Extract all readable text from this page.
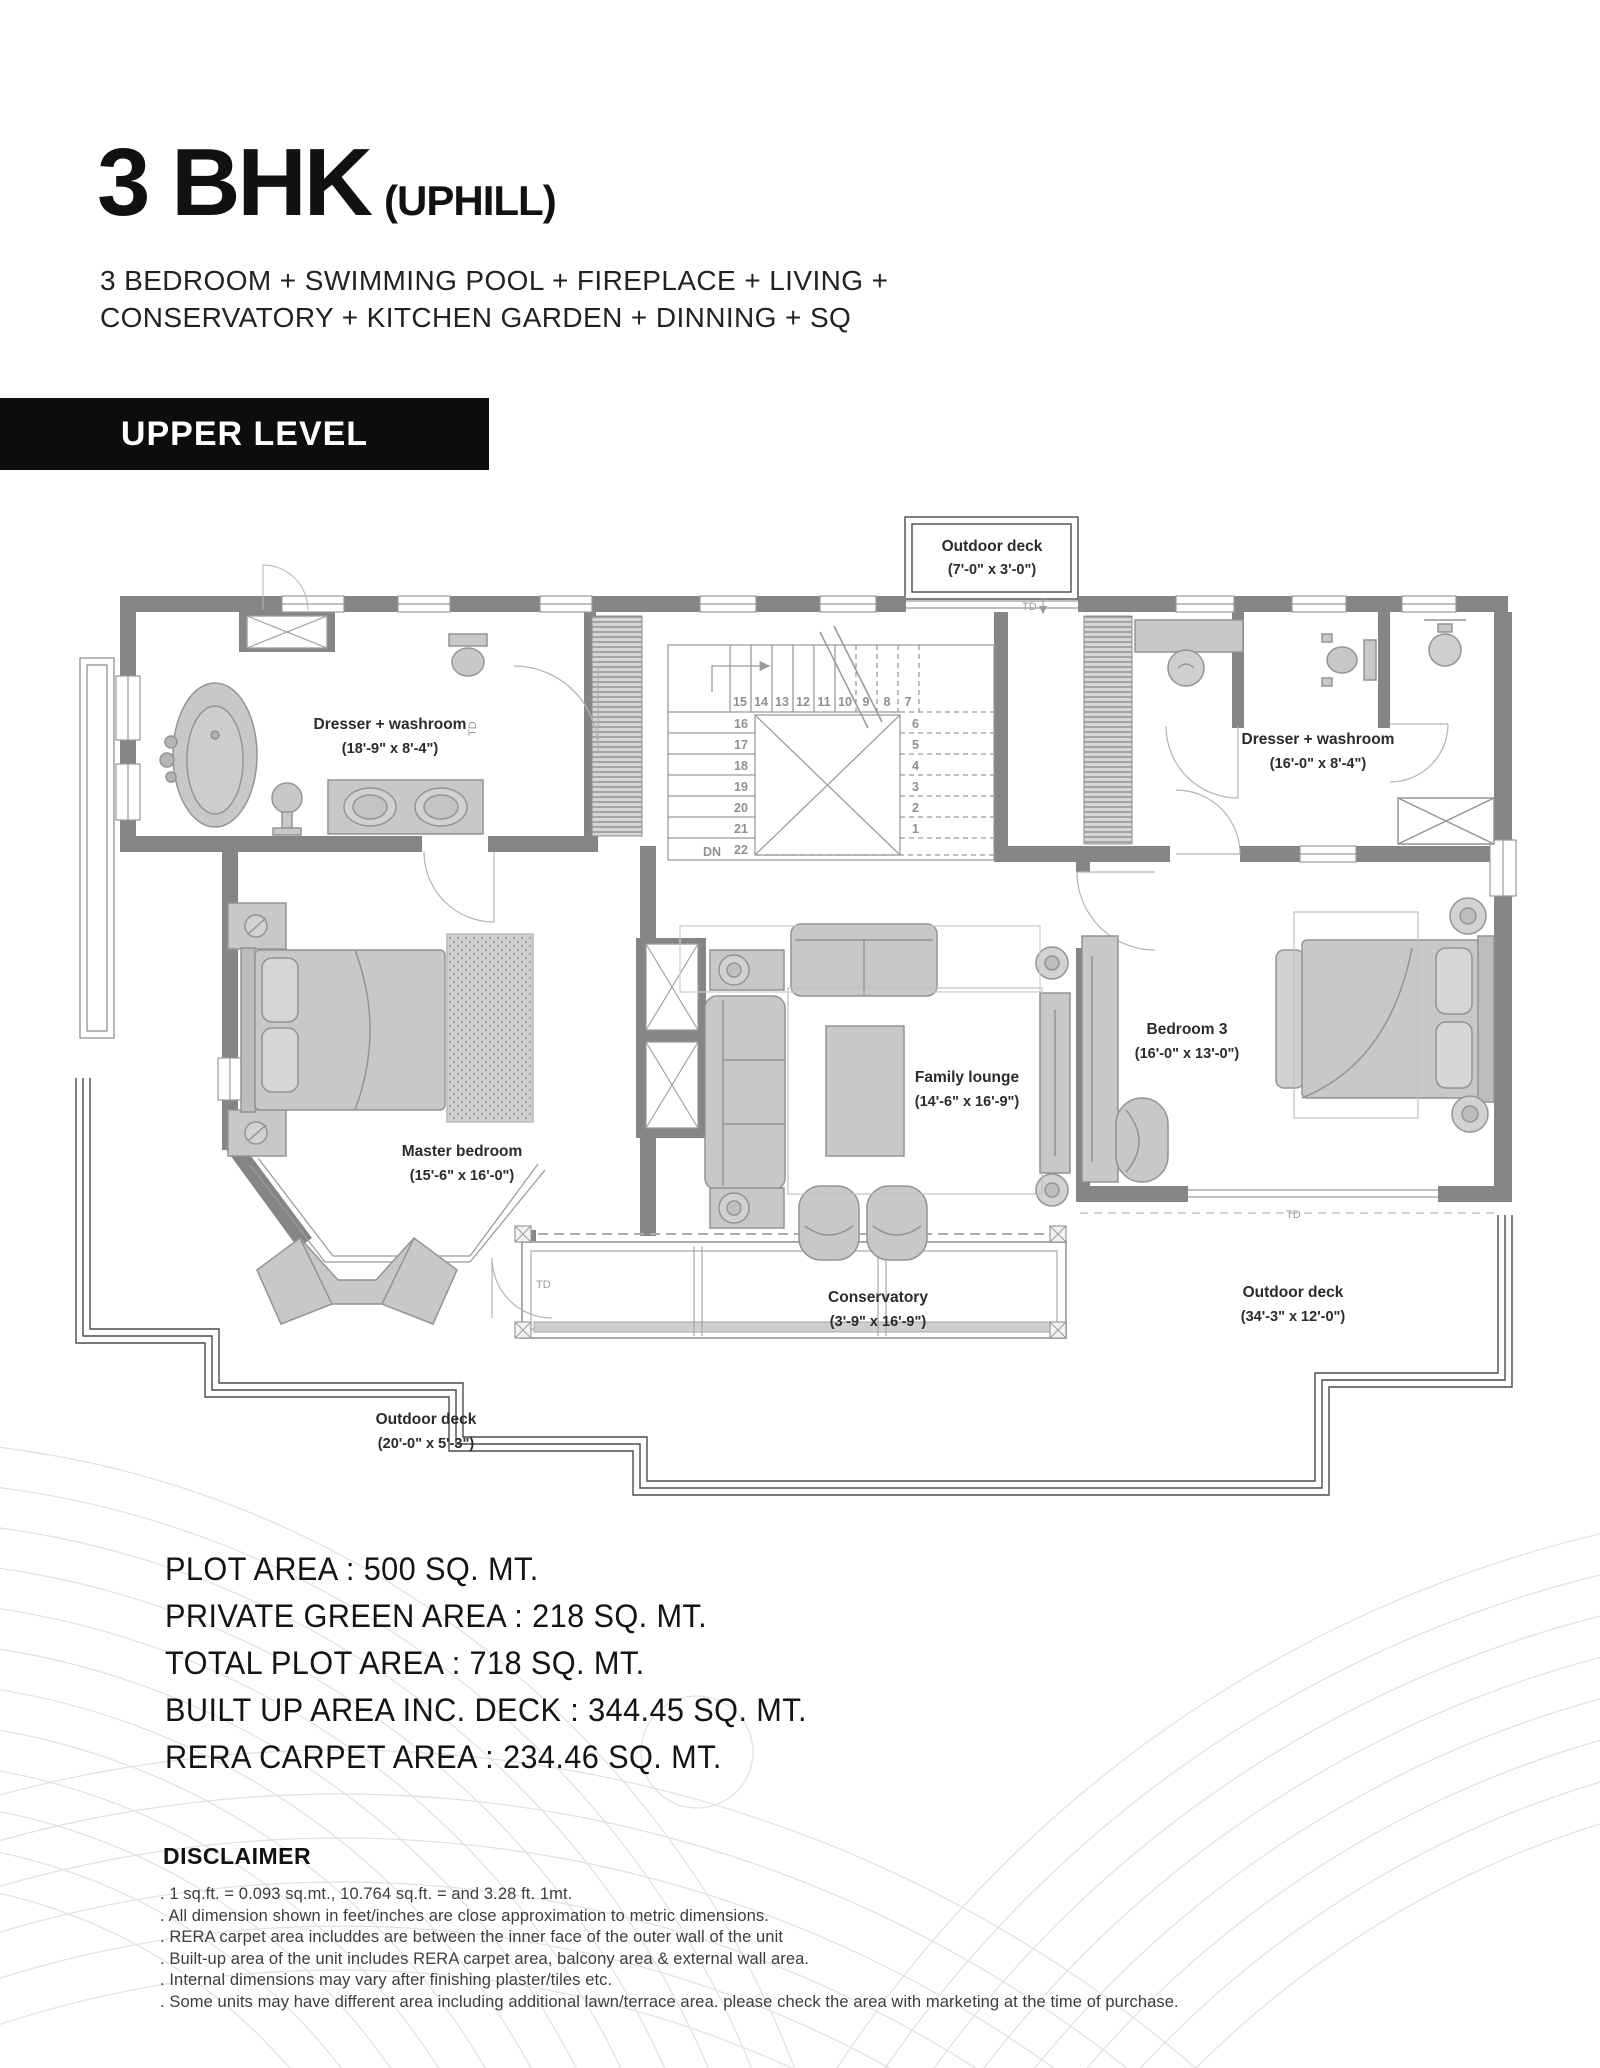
3 BHK (UPHILL)
3 BEDROOM + SWIMMING POOL + FIREPLACE + LIVING +
CONSERVATORY + KITCHEN GARDEN + DINNING + SQ
UPPER LEVEL
15 14 13 12 11 10 9 8 7
16
17
18
19
20
21
22
6
5
4
3
2
1
DN
TD
TD
TD
TD
Outdoor deck
(7'-0" x 3'-0")
Dresser + washroom
(18'-9" x 8'-4")
Dresser + washroom
(16'-0" x 8'-4")
Master bedroom
(15'-6" x 16'-0")
Family lounge
(14'-6" x 16'-9")
Bedroom 3
(16'-0" x 13'-0")
Conservatory
(3'-9" x 16'-9")
Outdoor deck
(34'-3" x 12'-0")
Outdoor deck
(20'-0" x 5'-3")
PLOT AREA : 500 SQ. MT.
PRIVATE GREEN AREA : 218 SQ. MT.
TOTAL PLOT AREA : 718 SQ. MT.
BUILT UP AREA INC. DECK : 344.45 SQ. MT.
RERA CARPET AREA : 234.46 SQ. MT.
DISCLAIMER
. 1 sq.ft. = 0.093 sq.mt., 10.764 sq.ft. = and 3.28 ft. 1mt.
. All dimension shown in feet/inches are close approximation to metric dimensions.
. RERA carpet area includdes are between the inner face of the outer wall of the unit
. Built-up area of the unit includes RERA carpet area, balcony area & external wall area.
. Internal dimensions may vary after finishing plaster/tiles etc.
. Some units may have different area including additional lawn/terrace area. please check the area with marketing at the time of purchase.
